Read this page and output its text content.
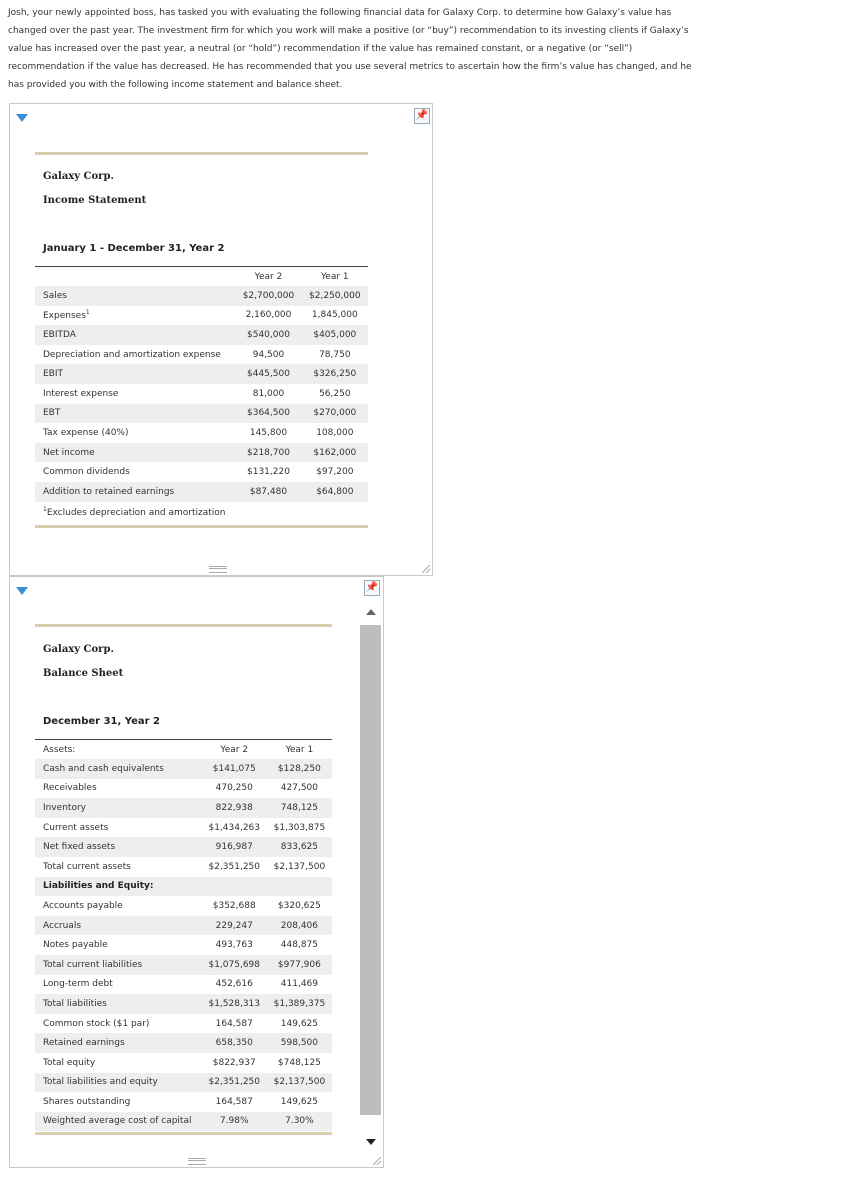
Josh, your newly appointed boss, has tasked you with evaluating the following financial data for Galaxy Corp. to determine how Galaxy’s value has changed over the past year. The investment firm for which you work will make a positive (or “buy”) recommendation to its investing clients if Galaxy’s value has increased over the past year, a neutral (or “hold”) recommendation if the value has remained constant, or a negative (or “sell”) recommendation if the value has decreased. He has recommended that you use several metrics to ascertain how the firm’s value has changed, and he has provided you with the following income statement and balance sheet.
📌
Galaxy Corp.
Income Statement
January 1 - December 31, Year 2
	Year 2	Year 1
Sales	$2,700,000	$2,250,000
Expenses$^1$	2,160,000	1,845,000
EBITDA	$540,000	$405,000
Depreciation and amortization expense	94,500	78,750
EBIT	$445,500	$326,250
Interest expense	81,000	56,250
EBT	$364,500	$270,000
Tax expense (40%)	145,800	108,000
Net income	$218,700	$162,000
Common dividends	$131,220	$97,200
Addition to retained earnings	$87,480	$64,800
$^1$Excludes depreciation and amortization
📌
Galaxy Corp.
Balance Sheet
December 31, Year 2
Assets:	Year 2	Year 1
Cash and cash equivalents	$141,075	$128,250
Receivables	470,250	427,500
Inventory	822,938	748,125
Current assets	$1,434,263	$1,303,875
Net fixed assets	916,987	833,625
Total current assets	$2,351,250	$2,137,500
Liabilities and Equity:		
Accounts payable	$352,688	$320,625
Accruals	229,247	208,406
Notes payable	493,763	448,875
Total current liabilities	$1,075,698	$977,906
Long-term debt	452,616	411,469
Total liabilities	$1,528,313	$1,389,375
Common stock ($1 par)	164,587	149,625
Retained earnings	658,350	598,500
Total equity	$822,937	$748,125
Total liabilities and equity	$2,351,250	$2,137,500
Shares outstanding	164,587	149,625
Weighted average cost of capital	7.98%	7.30%
